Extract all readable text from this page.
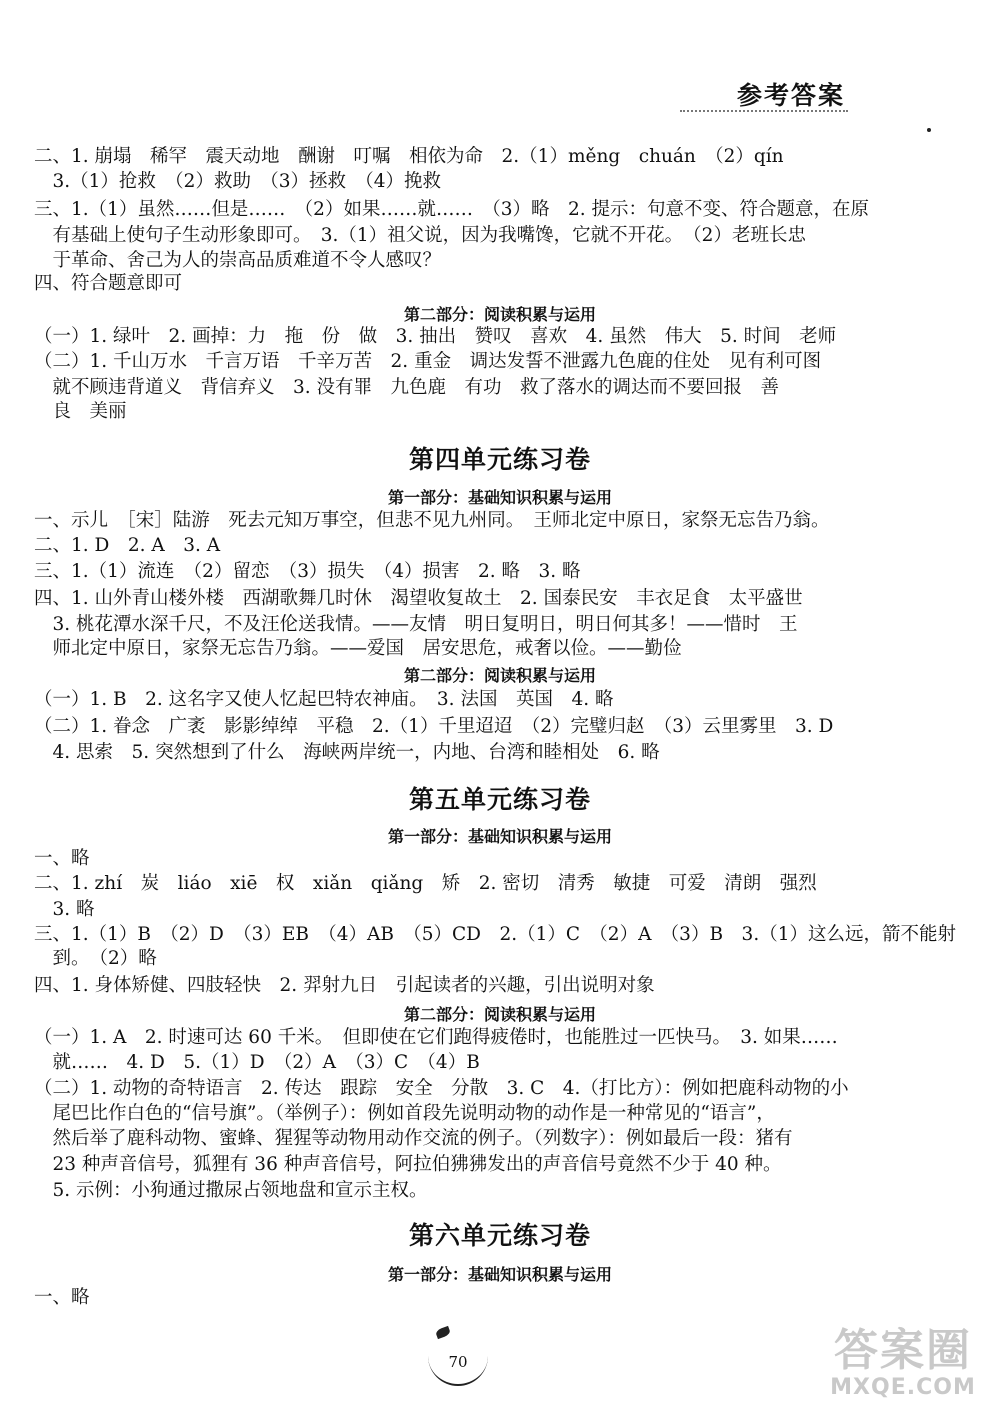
参考答案
二、1. 崩塌　稀罕　震天动地　酬谢　叮嘱　相依为命　2.（1）měng　chuán　（2）qín
　3.（1）抢救　（2）救助　（3）拯救　（4）挽救
三、1.（1）虽然……但是……　（2）如果……就……　（3）略　2. 提示：句意不变、符合题意，在原
　有基础上使句子生动形象即可。　3.（1）祖父说，因为我嘴馋，它就不开花。　（2）老班长忠
　于革命、舍己为人的崇高品质难道不令人感叹？
四、符合题意即可
第二部分：阅读积累与运用
（一）1. 绿叶　2. 画掉：力　拖　份　做　3. 抽出　赞叹　喜欢　4. 虽然　伟大　5. 时间　老师
（二）1. 千山万水　千言万语　千辛万苦　2. 重金　调达发誓不泄露九色鹿的住处　见有利可图
　就不顾违背道义　背信弃义　3. 没有罪　九色鹿　有功　救了落水的调达而不要回报　善
　良　美丽
第四单元练习卷
第一部分：基础知识积累与运用
一、示儿　［宋］陆游　死去元知万事空，但悲不见九州同。　王师北定中原日，家祭无忘告乃翁。
二、1. D　2. A　3. A
三、1.（1）流连　（2）留恋　（3）损失　（4）损害　2. 略　3. 略
四、1. 山外青山楼外楼　西湖歌舞几时休　渴望收复故土　2. 国泰民安　丰衣足食　太平盛世
　3. 桃花潭水深千尺，不及汪伦送我情。——友情　明日复明日，明日何其多！——惜时　王
　师北定中原日，家祭无忘告乃翁。——爱国　居安思危，戒奢以俭。——勤俭
第二部分：阅读积累与运用
（一）1. B　2. 这名字又使人忆起巴特农神庙。　3. 法国　英国　4. 略
（二）1. 眷念　广袤　影影绰绰　平稳　2.（1）千里迢迢　（2）完璧归赵　（3）云里雾里　3. D
　4. 思索　5. 突然想到了什么　海峡两岸统一，内地、台湾和睦相处　6. 略
第五单元练习卷
第一部分：基础知识积累与运用
一、略
二、1. zhí　炭　liáo　xiē　权　xiǎn　qiǎng　矫　2. 密切　清秀　敏捷　可爱　清朗　强烈
　3. 略
三、1.（1）B　（2）D　（3）EB　（4）AB　（5）CD　2.（1）C　（2）A　（3）B　3.（1）这么远，箭不能射
　到。　（2）略
四、1. 身体矫健、四肢轻快　2. 羿射九日　引起读者的兴趣，引出说明对象
第二部分：阅读积累与运用
（一）1. A　2. 时速可达 60 千米。　但即使在它们跑得疲倦时，也能胜过一匹快马。　3. 如果……
　就……　4. D　5.（1）D　（2）A　（3）C　（4）B
（二）1. 动物的奇特语言　2. 传达　跟踪　安全　分散　3. C　4.（打比方）：例如把鹿科动物的小
　尾巴比作白色的“信号旗”。（举例子）：例如首段先说明动物的动作是一种常见的“语言”，
　然后举了鹿科动物、蜜蜂、猩猩等动物用动作交流的例子。（列数字）：例如最后一段：猪有
　23 种声音信号，狐狸有 36 种声音信号，阿拉伯狒狒发出的声音信号竟然不少于 40 种。
　5. 示例：小狗通过撒尿占领地盘和宣示主权。
第六单元练习卷
第一部分：基础知识积累与运用
一、略
70	答案圈
MXQE.COM
